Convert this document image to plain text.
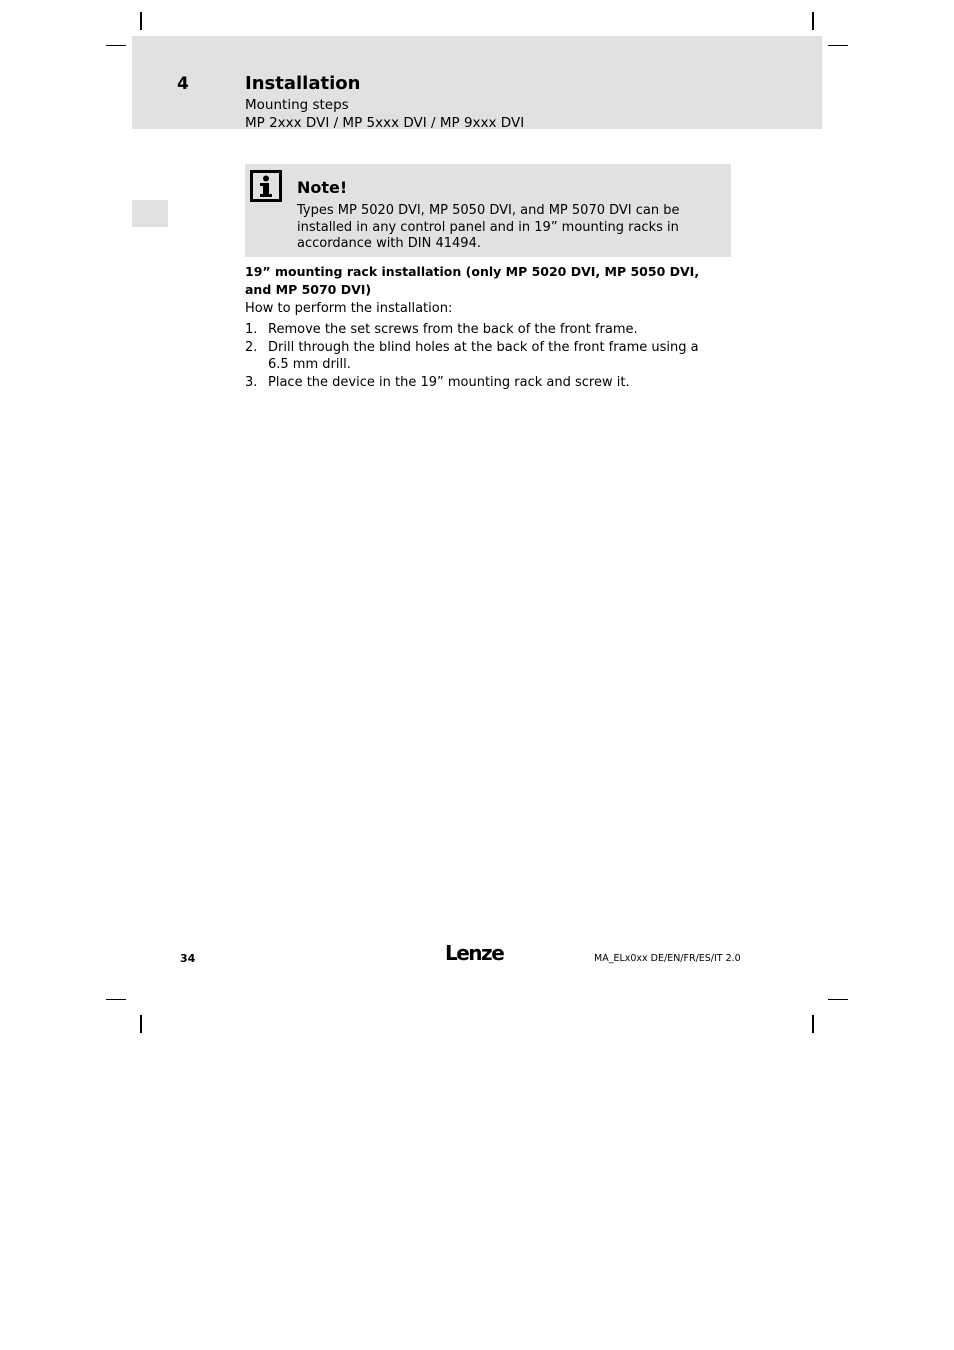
4	Installation
Mounting steps
MP 2xxx DVI / MP 5xxx DVI / MP 9xxx DVI
Note!
Types MP 5020 DVI, MP 5050 DVI, and MP 5070 DVI can be installed in any control panel and in 19” mounting racks in accordance with DIN 41494.
19” mounting rack installation (only MP 5020 DVI, MP 5050 DVI, and MP 5070 DVI)
How to perform the installation:
1. Remove the set screws from the back of the front frame.
2. Drill through the blind holes at the back of the front frame using a 6.5 mm drill.
3. Place the device in the 19” mounting rack and screw it.
34	Lenze	MA_ELx0xx DE/EN/FR/ES/IT 2.0
